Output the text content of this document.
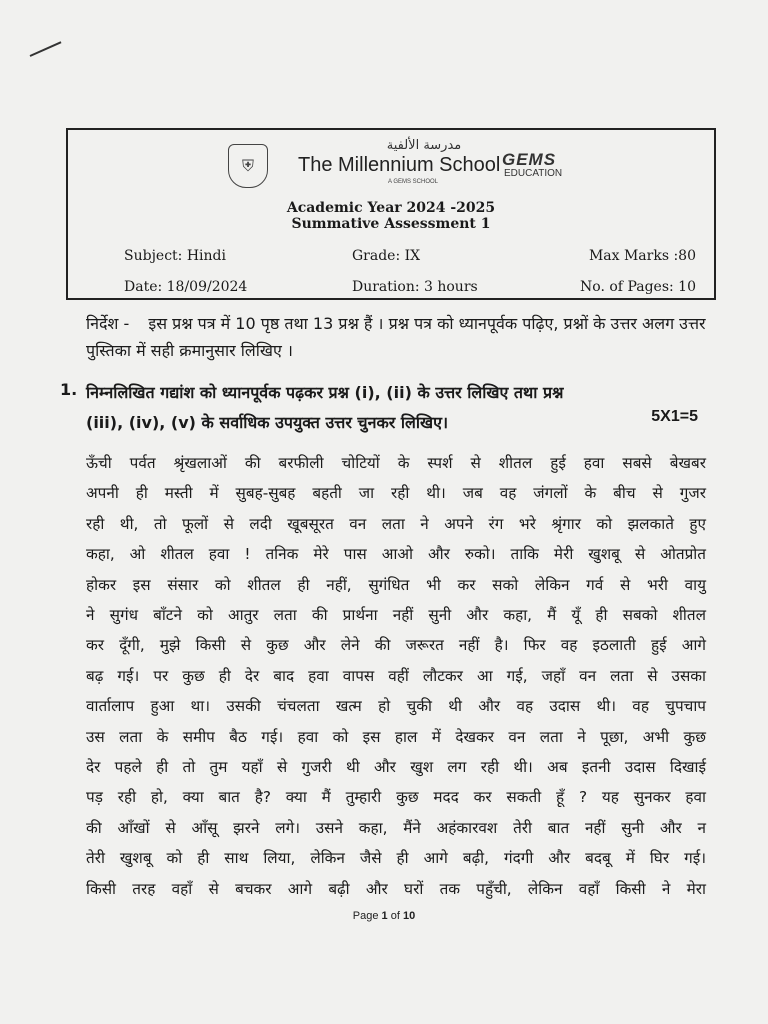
⛨
مدرسة الألفية
The Millennium School
A GEMS SCHOOL
GEMS
EDUCATION
Academic Year 2024 -2025
Summative Assessment 1
Subject: Hindi	Grade: IX	Max Marks :80
Date: 18/09/2024	Duration: 3 hours	No. of Pages: 10
निर्देश - इस प्रश्न पत्र में 10 पृष्ठ तथा 13 प्रश्न हैं । प्रश्न पत्र को ध्यानपूर्वक पढ़िए, प्रश्नों के उत्तर अलग उत्तर पुस्तिका में सही क्रमानुसार लिखिए ।
1. निम्नलिखित गद्यांश को ध्यानपूर्वक पढ़कर प्रश्न (i), (ii) के उत्तर लिखिए तथा प्रश्न (iii), (iv), (v) के सर्वाधिक उपयुक्त उत्तर चुनकर लिखिए।	5X1=5
ऊँची पर्वत श्रृंखलाओं की बरफीली चोटियों के स्पर्श से शीतल हुई हवा सबसे बेखबर
अपनी ही मस्ती में सुबह-सुबह बहती जा रही थी। जब वह जंगलों के बीच से गुजर
रही थी, तो फूलों से लदी खूबसूरत वन लता ने अपने रंग भरे श्रृंगार को झलकाते हुए
कहा, ओ शीतल हवा ! तनिक मेरे पास आओ और रुको। ताकि मेरी खुशबू से ओतप्रोत
होकर इस संसार को शीतल ही नहीं, सुगंधित भी कर सको लेकिन गर्व से भरी वायु
ने सुगंध बाँटने को आतुर लता की प्रार्थना नहीं सुनी और कहा, मैं यूँ ही सबको शीतल
कर दूँगी, मुझे किसी से कुछ और लेने की जरूरत नहीं है। फिर वह इठलाती हुई आगे
बढ़ गई। पर कुछ ही देर बाद हवा वापस वहीं लौटकर आ गई, जहाँ वन लता से उसका
वार्तालाप हुआ था। उसकी चंचलता खत्म हो चुकी थी और वह उदास थी। वह चुपचाप
उस लता के समीप बैठ गई। हवा को इस हाल में देखकर वन लता ने पूछा, अभी कुछ
देर पहले ही तो तुम यहाँ से गुजरी थी और खुश लग रही थी। अब इतनी उदास दिखाई
पड़ रही हो, क्या बात है? क्या मैं तुम्हारी कुछ मदद कर सकती हूँ ? यह सुनकर हवा
की आँखों से आँसू झरने लगे। उसने कहा, मैंने अहंकारवश तेरी बात नहीं सुनी और न
तेरी खुशबू को ही साथ लिया, लेकिन जैसे ही आगे बढ़ी, गंदगी और बदबू में घिर गई।
किसी तरह वहाँ से बचकर आगे बढ़ी और घरों तक पहुँची, लेकिन वहाँ किसी ने मेरा
Page 1 of 10
